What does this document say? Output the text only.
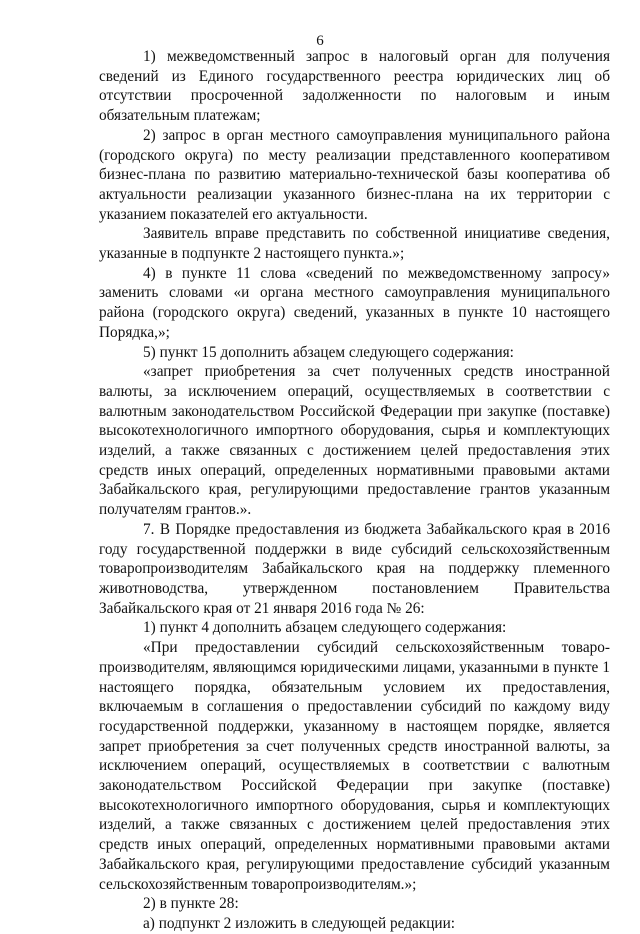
6

1) межведомственный запрос в налоговый орган для получения сведений из Единого государственного реестра юридических лиц об отсутствии просроченной задолженности по налоговым и иным обязательным платежам;

2) запрос в орган местного самоуправления муниципального района (городского округа) по месту реализации представленного кооперативом бизнес-плана по развитию материально-технической базы кооператива об актуальности реализации указанного бизнес-плана на их территории с указанием показателей его актуальности.

Заявитель вправе представить по собственной инициативе сведения, указанные в подпункте 2 настоящего пункта.»;

4) в пункте 11 слова «сведений по межведомственному запросу» заменить словами «и органа местного самоуправления муниципального района (городского округа) сведений, указанных в пункте 10 настоящего Порядка,»;

5) пункт 15 дополнить абзацем следующего содержания:

«запрет приобретения за счет полученных средств иностранной валюты, за исключением операций, осуществляемых в соответствии с валютным законодательством Российской Федерации при закупке (поставке) высокотехнологичного импортного оборудования, сырья и комплектующих изделий, а также связанных с достижением целей предоставления этих средств иных операций, определенных нормативными правовыми актами Забайкальского края, регулирующими предоставление грантов указанным получателям грантов.».

7. В Порядке предоставления из бюджета Забайкальского края в 2016 году государственной поддержки в виде субсидий сельскохозяйственным товаропроизводителям Забайкальского края на поддержку племенного животноводства, утвержденном постановлением Правительства Забайкальского края от 21 января 2016 года № 26:

1) пункт 4 дополнить абзацем следующего содержания:

«При предоставлении субсидий сельскохозяйственным товаро-производителям, являющимся юридическими лицами, указанными в пункте 1 настоящего порядка, обязательным условием их предоставления, включаемым в соглашения о предоставлении субсидий по каждому виду государственной поддержки, указанному в настоящем порядке, является запрет приобретения за счет полученных средств иностранной валюты, за исключением операций, осуществляемых в соответствии с валютным законодательством Российской Федерации при закупке (поставке) высокотехнологичного импортного оборудования, сырья и комплектующих изделий, а также связанных с достижением целей предоставления этих средств иных операций, определенных нормативными правовыми актами Забайкальского края, регулирующими предоставление субсидий указанным сельскохозяйственным товаропроизводителям.»;

2) в пункте 28:

а) подпункт 2 изложить в следующей редакции:
